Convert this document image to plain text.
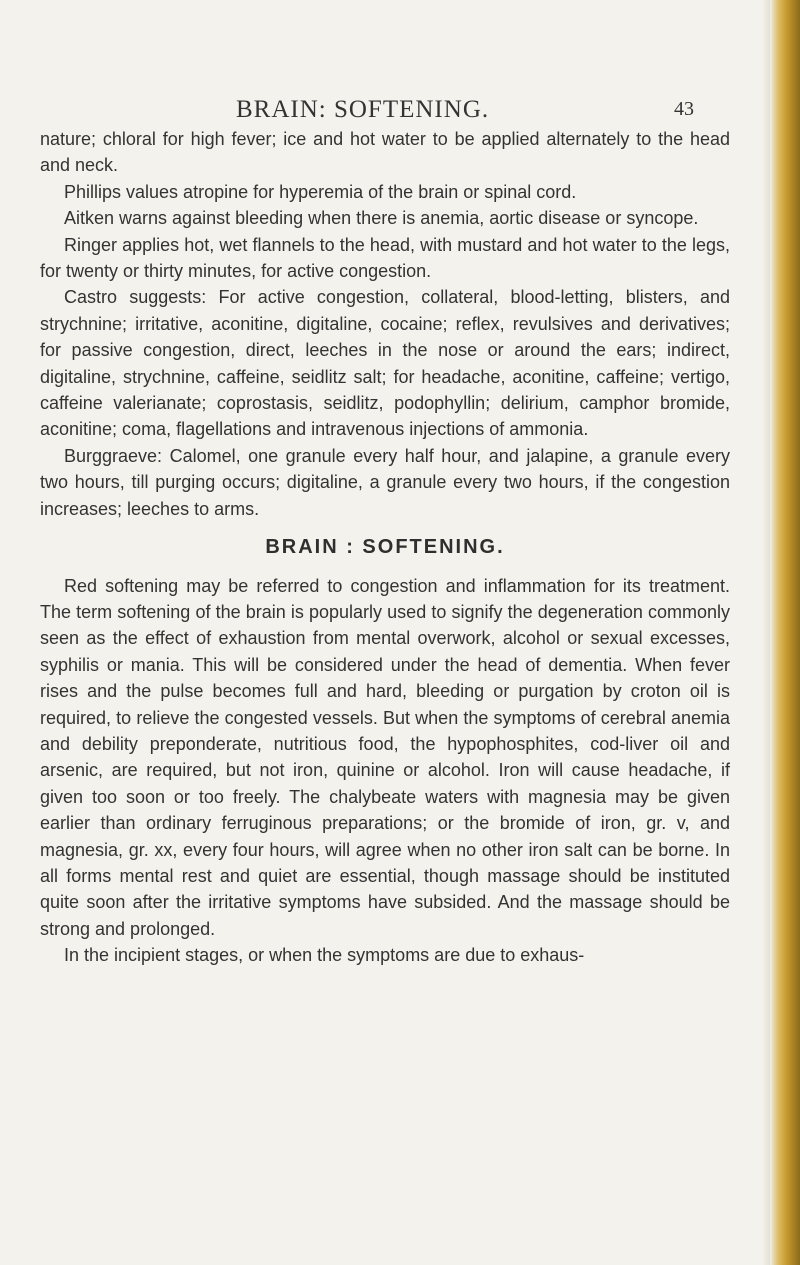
BRAIN: SOFTENING.	43

nature; chloral for high fever; ice and hot water to be applied alternately to the head and neck.

Phillips values atropine for hyperemia of the brain or spinal cord.

Aitken warns against bleeding when there is anemia, aortic disease or syncope.

Ringer applies hot, wet flannels to the head, with mustard and hot water to the legs, for twenty or thirty minutes, for active congestion.

Castro suggests: For active congestion, collateral, blood-letting, blisters, and strychnine; irritative, aconitine, digitaline, cocaine; reflex, revulsives and derivatives; for passive congestion, direct, leeches in the nose or around the ears; indirect, digitaline, strychnine, caffeine, seidlitz salt; for headache, aconitine, caffeine; vertigo, caffeine valerianate; coprostasis, seidlitz, podophyllin; delirium, camphor bromide, aconitine; coma, flagellations and intravenous injections of ammonia.

Burggraeve: Calomel, one granule every half hour, and jalapine, a granule every two hours, till purging occurs; digitaline, a granule every two hours, if the congestion increases; leeches to arms.

BRAIN : SOFTENING.

Red softening may be referred to congestion and inflammation for its treatment. The term softening of the brain is popularly used to signify the degeneration commonly seen as the effect of exhaustion from mental overwork, alcohol or sexual excesses, syphilis or mania. This will be considered under the head of dementia. When fever rises and the pulse becomes full and hard, bleeding or purgation by croton oil is required, to relieve the congested vessels. But when the symptoms of cerebral anemia and debility preponderate, nutritious food, the hypophosphites, cod-liver oil and arsenic, are required, but not iron, quinine or alcohol. Iron will cause headache, if given too soon or too freely. The chalybeate waters with magnesia may be given earlier than ordinary ferruginous preparations; or the bromide of iron, gr. v, and magnesia, gr. xx, every four hours, will agree when no other iron salt can be borne. In all forms mental rest and quiet are essential, though massage should be instituted quite soon after the irritative symptoms have subsided. And the massage should be strong and prolonged.

In the incipient stages, or when the symptoms are due to exhaus-
